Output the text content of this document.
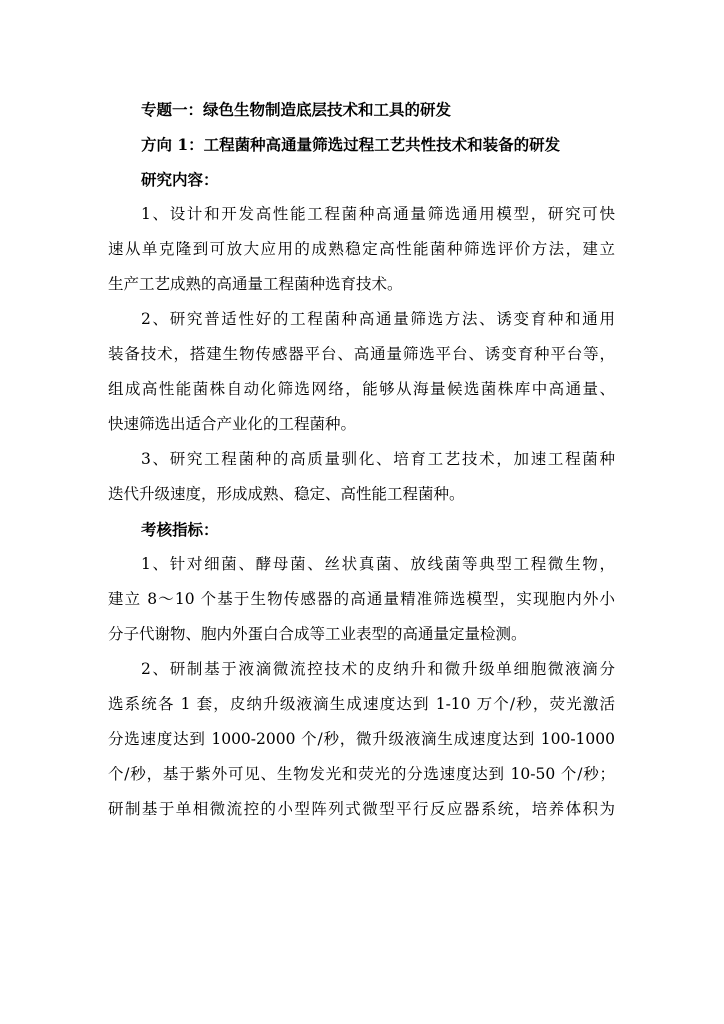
专题一：绿色生物制造底层技术和工具的研发
方向 1：工程菌种高通量筛选过程工艺共性技术和装备的研发
研究内容：
1、设计和开发高性能工程菌种高通量筛选通用模型，研究可快
速从单克隆到可放大应用的成熟稳定高性能菌种筛选评价方法，建立
生产工艺成熟的高通量工程菌种选育技术。
2、研究普适性好的工程菌种高通量筛选方法、诱变育种和通用
装备技术，搭建生物传感器平台、高通量筛选平台、诱变育种平台等，
组成高性能菌株自动化筛选网络，能够从海量候选菌株库中高通量、
快速筛选出适合产业化的工程菌种。
3、研究工程菌种的高质量驯化、培育工艺技术，加速工程菌种
迭代升级速度，形成成熟、稳定、高性能工程菌种。
考核指标：
1、针对细菌、酵母菌、丝状真菌、放线菌等典型工程微生物，
建立 8～10 个基于生物传感器的高通量精准筛选模型，实现胞内外小
分子代谢物、胞内外蛋白合成等工业表型的高通量定量检测。
2、研制基于液滴微流控技术的皮纳升和微升级单细胞微液滴分
选系统各 1 套，皮纳升级液滴生成速度达到 1-10 万个/秒，荧光激活
分选速度达到 1000-2000 个/秒，微升级液滴生成速度达到 100-1000
个/秒，基于紫外可见、生物发光和荧光的分选速度达到 10-50 个/秒；
研制基于单相微流控的小型阵列式微型平行反应器系统，培养体积为
